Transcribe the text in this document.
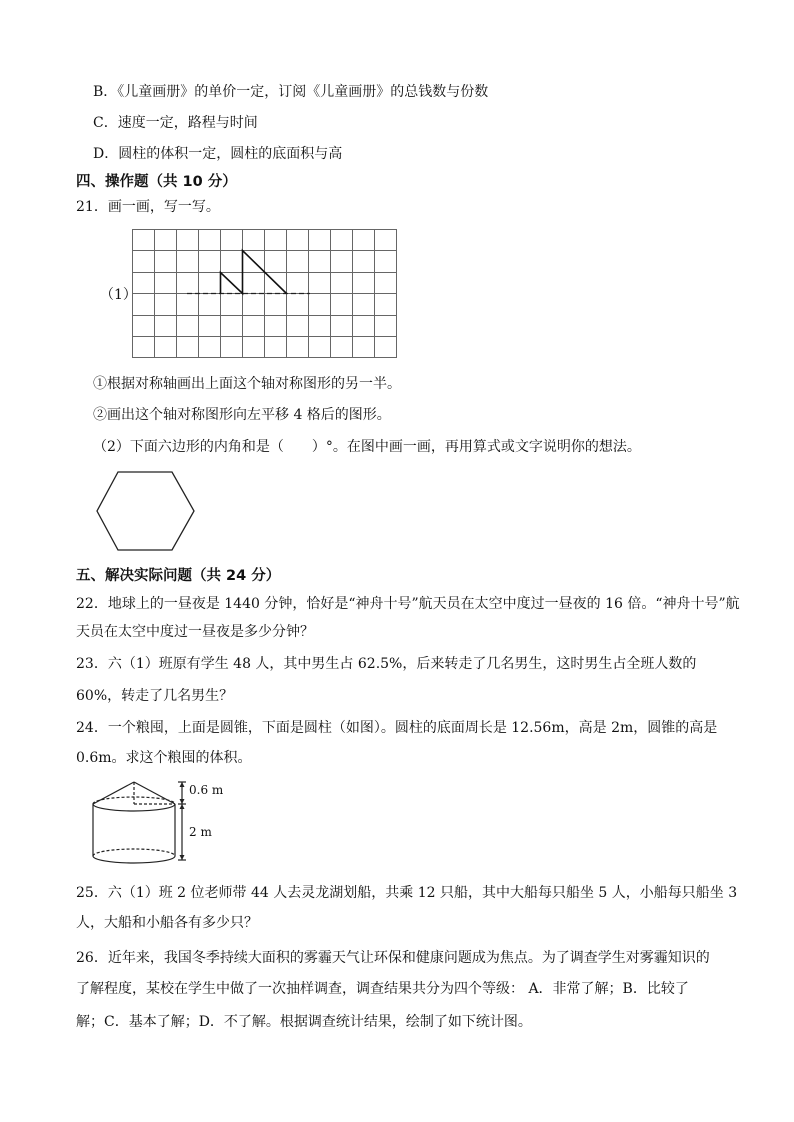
B．《儿童画册》的单价一定，订阅《儿童画册》的总钱数与份数
C．速度一定，路程与时间
D．圆柱的体积一定，圆柱的底面积与高
四、操作题（共 10 分）
21．画一画，写一写。
（1）
①根据对称轴画出上面这个轴对称图形的另一半。
②画出这个轴对称图形向左平移 4 格后的图形。
（2）下面六边形的内角和是（　　）°。在图中画一画，再用算式或文字说明你的想法。
五、解决实际问题（共 24 分）
22．地球上的一昼夜是 1440 分钟，恰好是“神舟十号”航天员在太空中度过一昼夜的 16 倍。“神舟十号”航
天员在太空中度过一昼夜是多少分钟？
23．六（1）班原有学生 48 人，其中男生占 62.5%，后来转走了几名男生，这时男生占全班人数的
60%，转走了几名男生？
24．一个粮囤，上面是圆锥，下面是圆柱（如图）。圆柱的底面周长是 12.56m，高是 2m，圆锥的高是
0.6m。求这个粮囤的体积。
0.6 m
2 m
25．六（1）班 2 位老师带 44 人去灵龙湖划船，共乘 12 只船，其中大船每只船坐 5 人，小船每只船坐 3
人，大船和小船各有多少只？
26．近年来，我国冬季持续大面积的雾霾天气让环保和健康问题成为焦点。为了调查学生对雾霾知识的
了解程度，某校在学生中做了一次抽样调查，调查结果共分为四个等级： A．非常了解；B．比较了
解；C．基本了解；D．不了解。根据调查统计结果，绘制了如下统计图。
